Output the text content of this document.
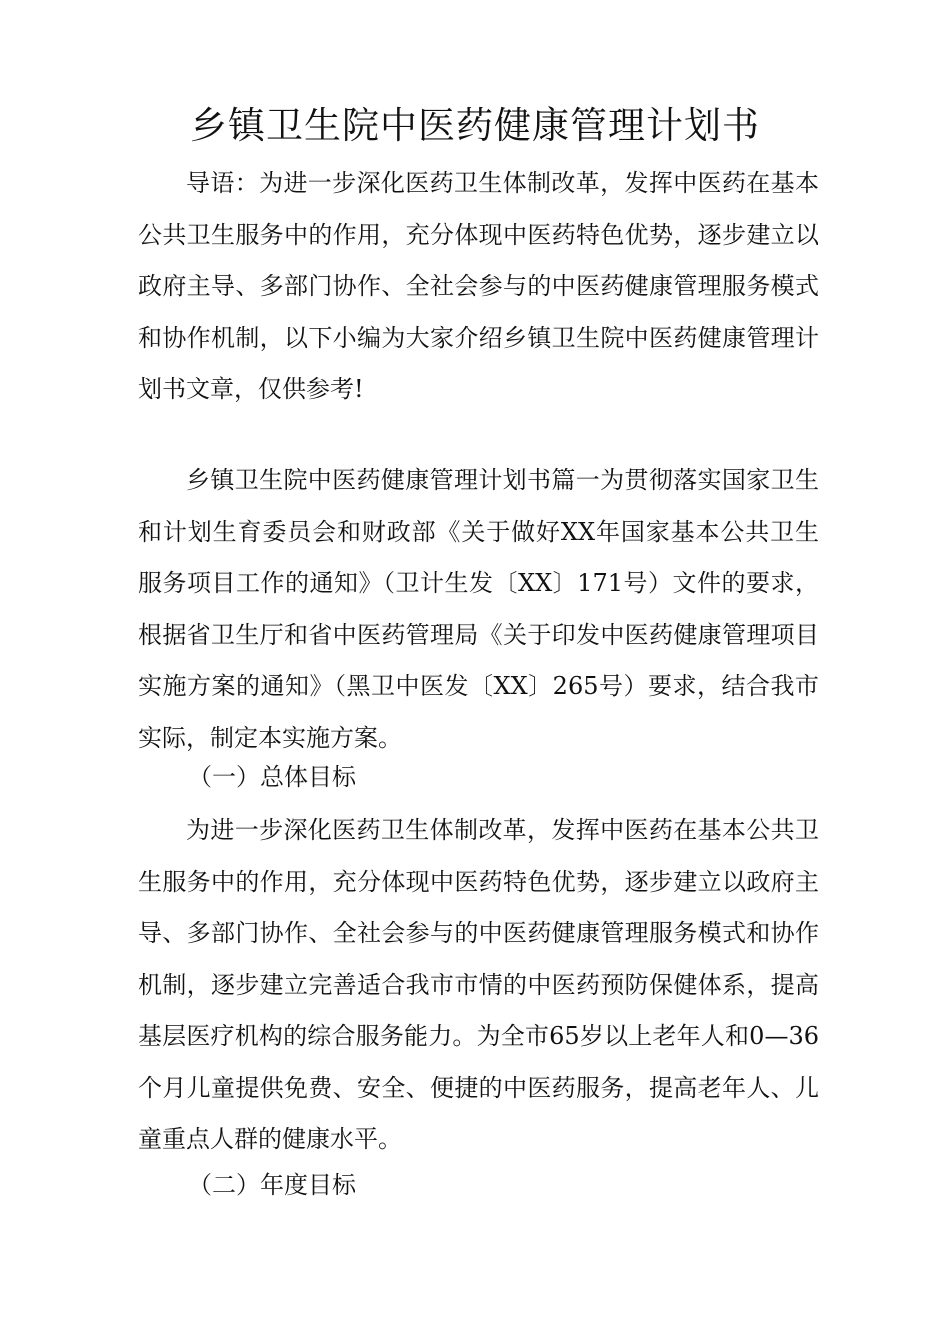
乡镇卫生院中医药健康管理计划书

导语：为进一步深化医药卫生体制改革，发挥中医药在基本公共卫生服务中的作用，充分体现中医药特色优势，逐步建立以政府主导、多部门协作、全社会参与的中医药健康管理服务模式和协作机制，以下小编为大家介绍乡镇卫生院中医药健康管理计划书文章，仅供参考!

乡镇卫生院中医药健康管理计划书篇一为贯彻落实国家卫生和计划生育委员会和财政部《关于做好XX年国家基本公共卫生服务项目工作的通知》（卫计生发〔XX〕171号）文件的要求，根据省卫生厅和省中医药管理局《关于印发中医药健康管理项目实施方案的通知》（黑卫中医发〔XX〕265号）要求，结合我市实际，制定本实施方案。

（一）总体目标

为进一步深化医药卫生体制改革，发挥中医药在基本公共卫生服务中的作用，充分体现中医药特色优势，逐步建立以政府主导、多部门协作、全社会参与的中医药健康管理服务模式和协作机制，逐步建立完善适合我市市情的中医药预防保健体系，提高基层医疗机构的综合服务能力。为全市65岁以上老年人和0—36个月儿童提供免费、安全、便捷的中医药服务，提高老年人、儿童重点人群的健康水平。

（二）年度目标
